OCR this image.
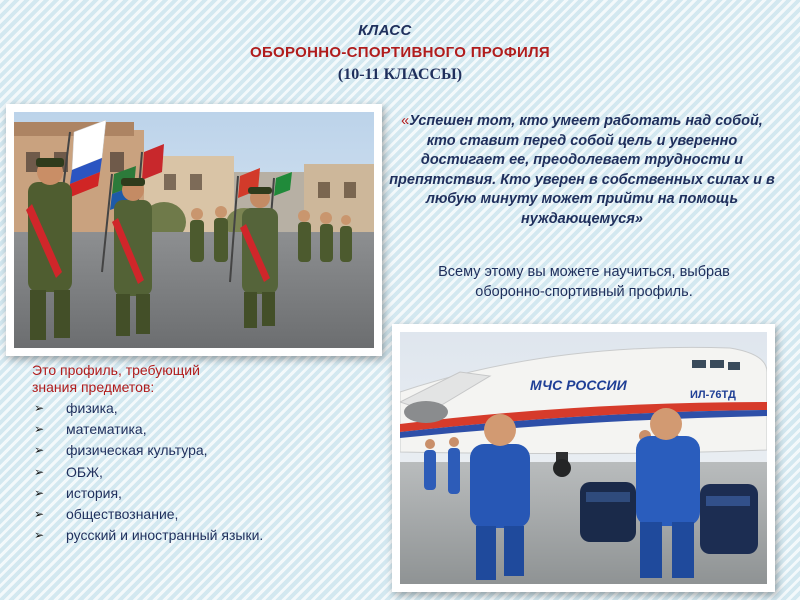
КЛАСС
ОБОРОННО-СПОРТИВНОГО ПРОФИЛЯ
(10-11 КЛАССЫ)
«Успешен тот, кто умеет работать над собой, кто ставит перед собой цель и уверенно достигает ее, преодолевает трудности и препятствия. Кто уверен в собственных силах и в любую минуту может прийти на помощь нуждающемуся»
Всему этому вы можете научиться, выбрав оборонно-спортивный профиль.
Это профиль, требующий
знания предметов:
➢ физика,
➢ математика,
➢ физическая культура,
➢ ОБЖ,
➢ история,
➢ обществознание,
➢ русский и иностранный языки.
МЧС РОССИИ
ИЛ-76ТД
